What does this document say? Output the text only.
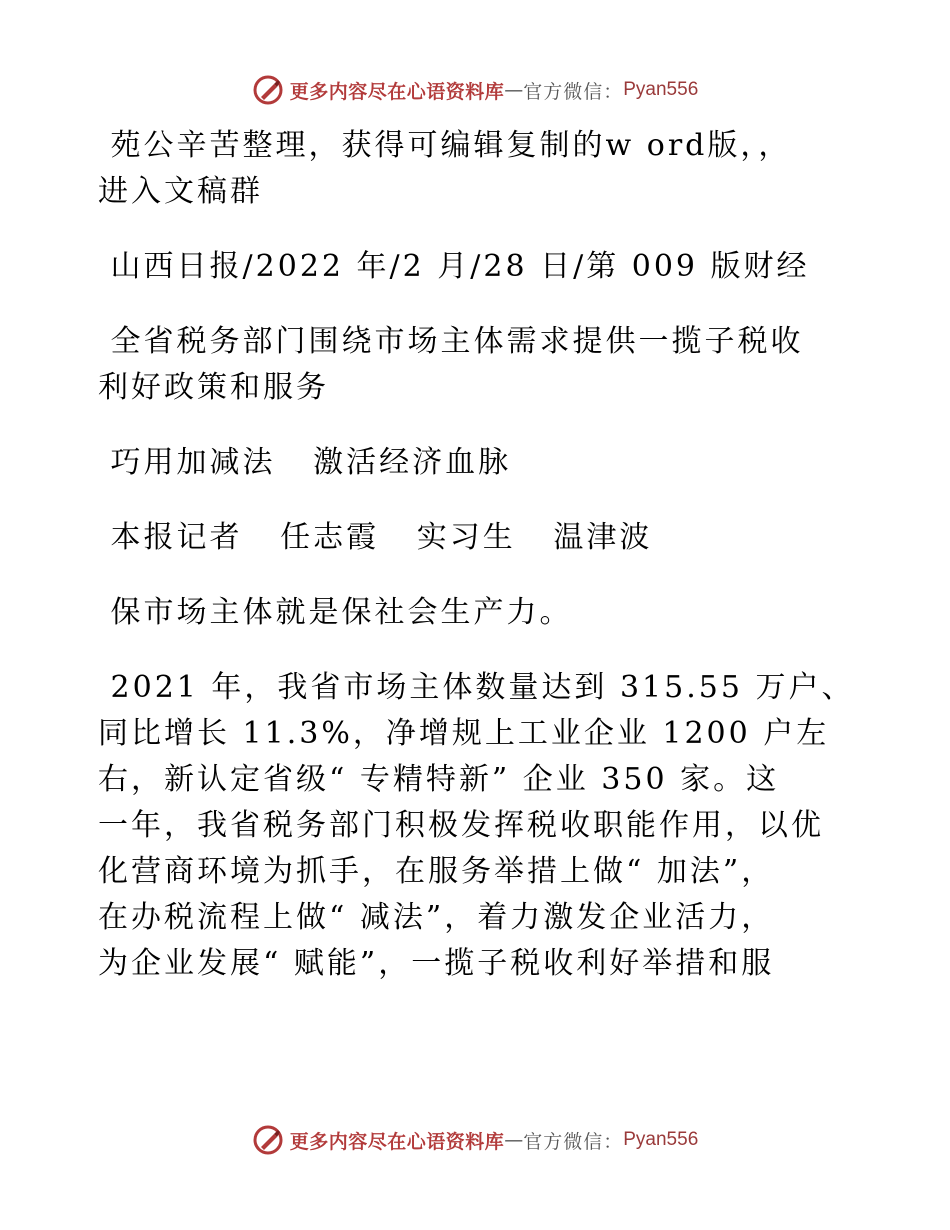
更多内容尽在心语资料库 — 官方微信： Pyan556

苑公辛苦整理，获得可编辑复制的w ord版，，
进入文稿群

山西日报/2022 年/2 月/28 日/第 009 版财经

全省税务部门围绕市场主体需求提供一揽子税收
利好政策和服务

巧用加减法   激活经济血脉

本报记者   任志霞   实习生   温津波

保市场主体就是保社会生产力。

2021 年，我省市场主体数量达到 315.55 万户、
同比增长 11.3%，净增规上工业企业 1200 户左
右，新认定省级“ 专精特新” 企业 350 家。这
一年，我省税务部门积极发挥税收职能作用，以优
化营商环境为抓手，在服务举措上做“ 加法”，
在办税流程上做“ 减法”，着力激发企业活力，
为企业发展“ 赋能”，一揽子税收利好举措和服

更多内容尽在心语资料库 — 官方微信： Pyan556
